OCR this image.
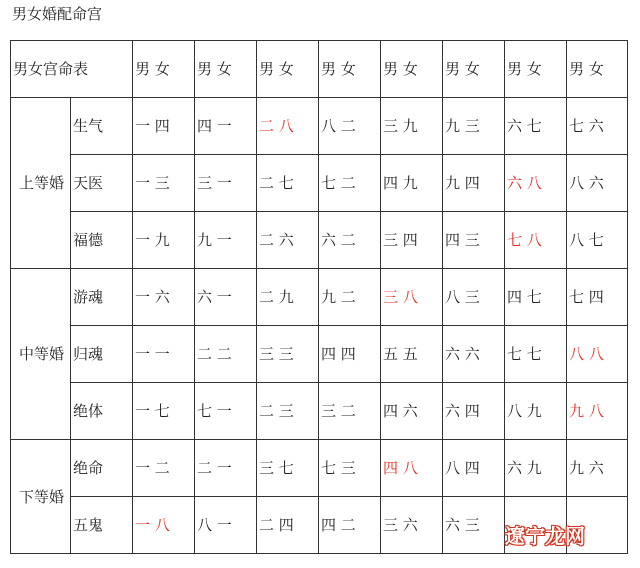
男女婚配命宫
男女宫命表		男 女	男 女	男 女	男 女	男 女	男 女	男 女	男 女
上等婚	生气	一 四	四 一	二 八	八 二	三 九	九 三	六 七	七 六
	天医	一 三	三 一	二 七	七 二	四 九	九 四	六 八	八 六
	福德	一 九	九 一	二 六	六 二	三 四	四 三	七 八	八 七
中等婚	游魂	一 六	六 一	二 九	九 二	三 八	八 三	四 七	七 四
	归魂	一 一	二 二	三 三	四 四	五 五	六 六	七 七	八 八
	绝体	一 七	七 一	二 三	三 二	四 六	六 四	八 九	九 八
下等婚	绝命	一 二	二 一	三 七	七 三	四 八	八 四	六 九	九 六
	五鬼	一 八	八 一	二 四	四 二	三 六	六 三		遼宁龙网
